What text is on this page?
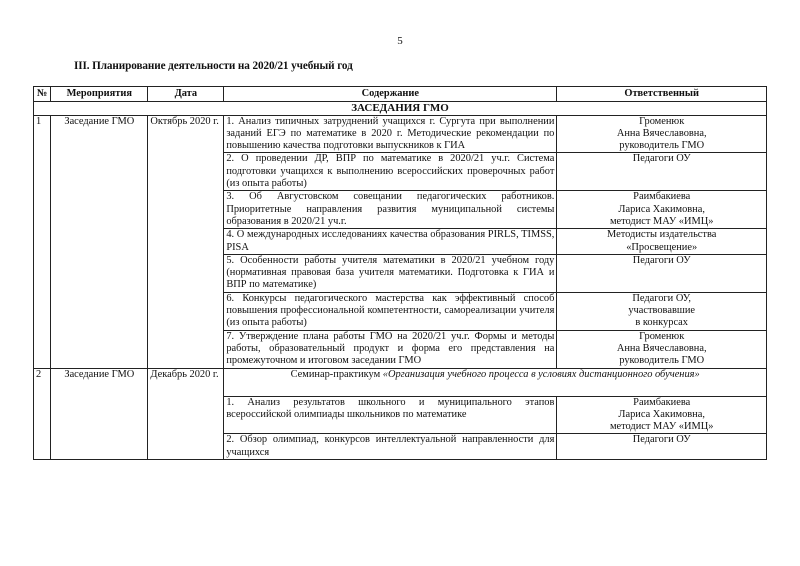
5
III. Планирование деятельности на 2020/21 учебный год
№	Мероприятия	Дата	Содержание	Ответственный
ЗАСЕДАНИЯ ГМО				
1	Заседание ГМО	Октябрь 2020 г.	1. Анализ типичных затруднений учащихся г. Сургута при выполнении заданий ЕГЭ по математике в 2020 г. Методические рекомендации по повышению качества подготовки выпускников к ГИА	Громенюк
Анна Вячеславовна,
руководитель ГМО

			2. О проведении ДР, ВПР по математике в 2020/21 уч.г. Система подготовки учащихся к выполнению всероссийских проверочных работ (из опыта работы)	Педагоги ОУ

			3. Об Августовском совещании педагогических работников. Приоритетные направления развития муниципальной системы образования в 2020/21 уч.г.	Раимбакиева
Лариса Хакимовна,
методист МАУ «ИМЦ»

			4. О международных исследованиях качества образования PIRLS, TIMSS, PISA	Методисты издательства
«Просвещение»

			5. Особенности работы учителя математики в 2020/21 учебном году (нормативная правовая база учителя математики. Подготовка к ГИА и ВПР по математике)	Педагоги ОУ

			6. Конкурсы педагогического мастерства как эффективный способ повышения профессиональной компетентности, самореализации учителя (из опыта работы)	Педагоги ОУ,
участвовавшие
в конкурсах

			7. Утверждение плана работы ГМО на 2020/21 уч.г. Формы и методы работы, образовательный продукт и форма его представления на промежуточном и итоговом заседании ГМО	Громенюк
Анна Вячеславовна,
руководитель ГМО

2	Заседание ГМО	Декабрь 2020 г.	Семинар-практикум «Организация учебного процесса в условиях дистанционного обучения»	
			1. Анализ результатов школьного и муниципального этапов всероссийской олимпиады школьников по математике	Раимбакиева
Лариса Хакимовна,
методист МАУ «ИМЦ»

			2. Обзор олимпиад, конкурсов интеллектуальной направленности для учащихся	Педагоги ОУ
